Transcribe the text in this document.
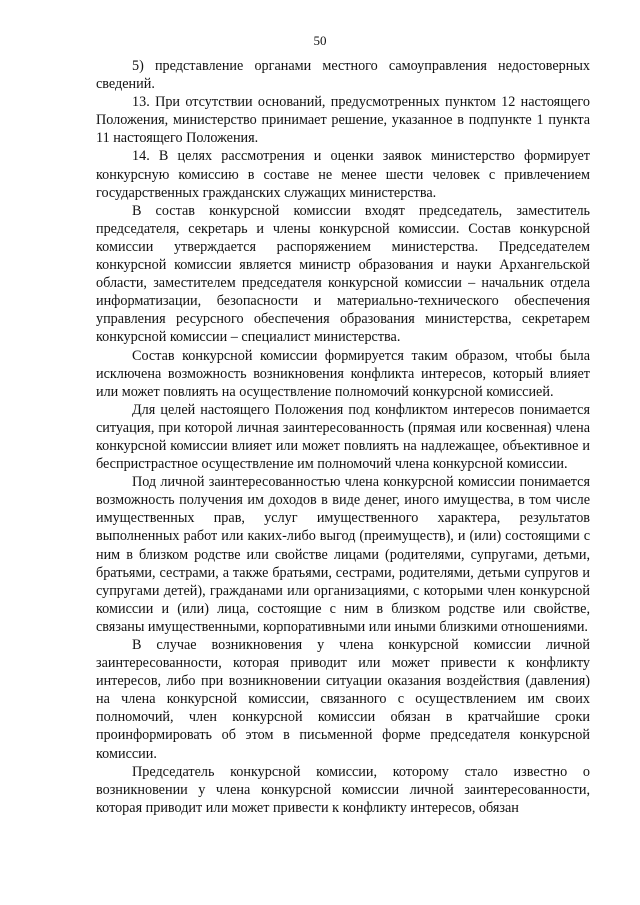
50

5) представление органами местного самоуправления недостоверных сведений.

13. При отсутствии оснований, предусмотренных пунктом 12 настоящего Положения, министерство принимает решение, указанное в подпункте 1 пункта 11 настоящего Положения.

14. В целях рассмотрения и оценки заявок министерство формирует конкурсную комиссию в составе не менее шести человек с привлечением государственных гражданских служащих министерства.

В состав конкурсной комиссии входят председатель, заместитель председателя, секретарь и члены конкурсной комиссии. Состав конкурсной комиссии утверждается распоряжением министерства. Председателем конкурсной комиссии является министр образования и науки Архангельской области, заместителем председателя конкурсной комиссии – начальник отдела информатизации, безопасности и материально-технического обеспечения управления ресурсного обеспечения образования министерства, секретарем конкурсной комиссии – специалист министерства.

Состав конкурсной комиссии формируется таким образом, чтобы была исключена возможность возникновения конфликта интересов, который влияет или может повлиять на осуществление полномочий конкурсной комиссией.

Для целей настоящего Положения под конфликтом интересов понимается ситуация, при которой личная заинтересованность (прямая или косвенная) члена конкурсной комиссии влияет или может повлиять на надлежащее, объективное и беспристрастное осуществление им полномочий члена конкурсной комиссии.

Под личной заинтересованностью члена конкурсной комиссии понимается возможность получения им доходов в виде денег, иного имущества, в том числе имущественных прав, услуг имущественного характера, результатов выполненных работ или каких-либо выгод (преимуществ), и (или) состоящими с ним в близком родстве или свойстве лицами (родителями, супругами, детьми, братьями, сестрами, а также братьями, сестрами, родителями, детьми супругов и супругами детей), гражданами или организациями, с которыми член конкурсной комиссии и (или) лица, состоящие с ним в близком родстве или свойстве, связаны имущественными, корпоративными или иными близкими отношениями.

В случае возникновения у члена конкурсной комиссии личной заинтересованности, которая приводит или может привести к конфликту интересов, либо при возникновении ситуации оказания воздействия (давления) на члена конкурсной комиссии, связанного с осуществлением им своих полномочий, член конкурсной комиссии обязан в кратчайшие сроки проинформировать об этом в письменной форме председателя конкурсной комиссии.

Председатель конкурсной комиссии, которому стало известно о возникновении у члена конкурсной комиссии личной заинтересованности, которая приводит или может привести к конфликту интересов, обязан
